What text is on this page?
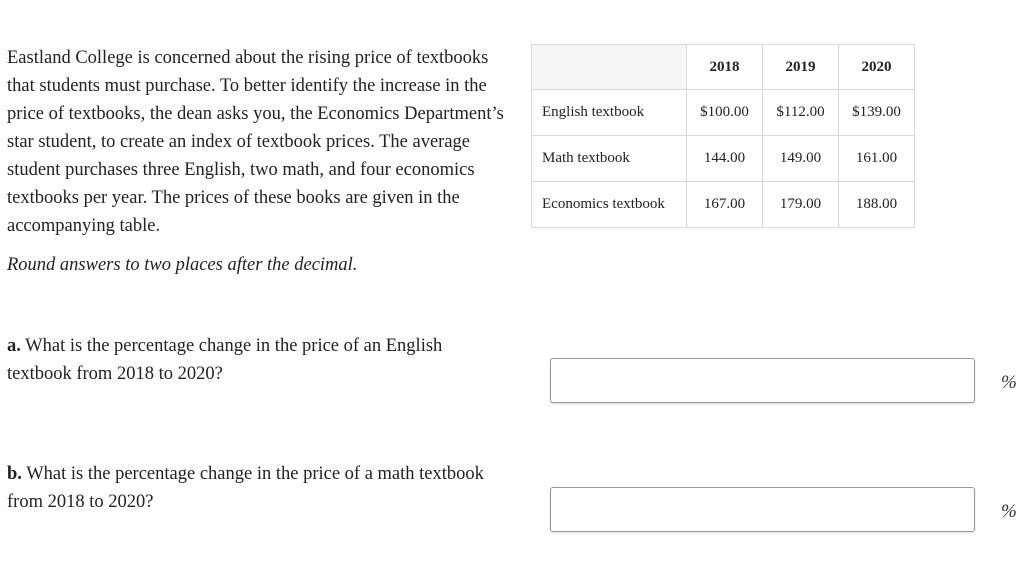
Eastland College is concerned about the rising price of textbooks that students must purchase. To better identify the increase in the price of textbooks, the dean asks you, the Economics Department’s star student, to create an index of textbook prices. The average student purchases three English, two math, and four economics textbooks per year. The prices of these books are given in the accompanying table.

Round answers to two places after the decimal.

	2018	2019	2020
English textbook	$100.00	$112.00	$139.00
Math textbook	144.00	149.00	161.00
Economics textbook	167.00	179.00	188.00

a. What is the percentage change in the price of an English textbook from 2018 to 2020?	%

b. What is the percentage change in the price of a math textbook from 2018 to 2020?	%
